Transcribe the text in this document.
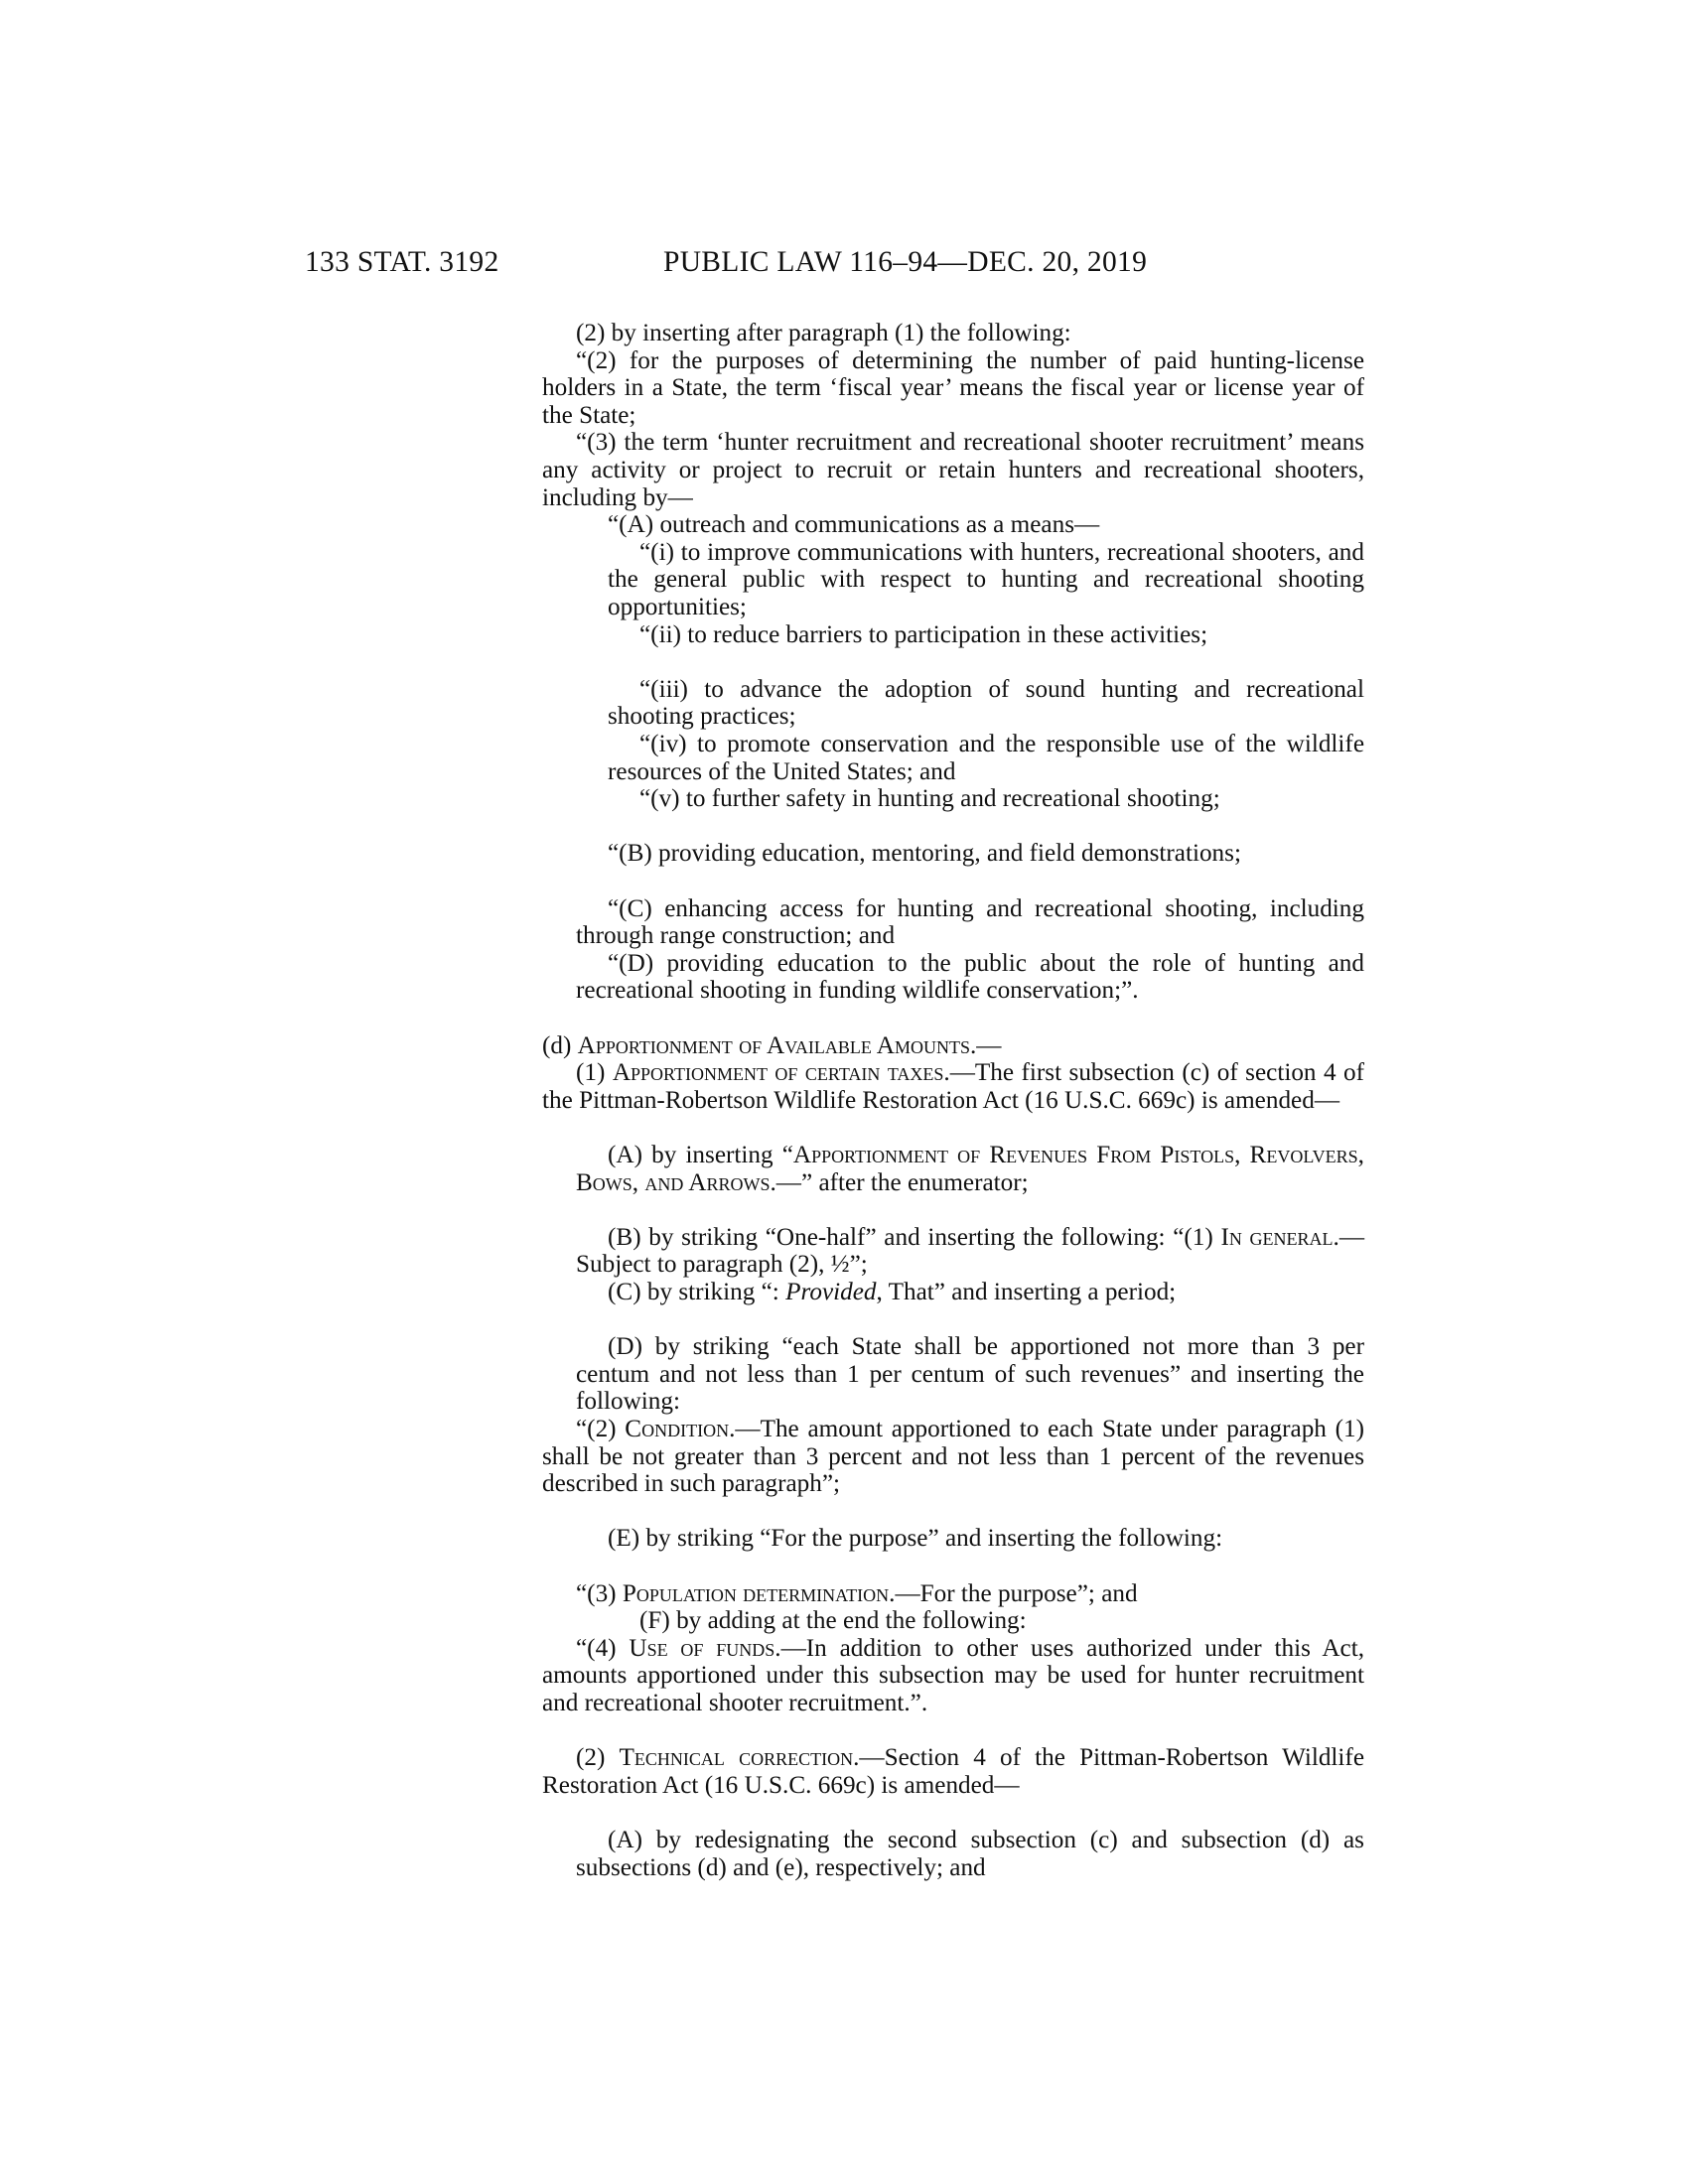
133 STAT. 3192	PUBLIC LAW 116–94—DEC. 20, 2019

(2) by inserting after paragraph (1) the following:

“(2) for the purposes of determining the number of paid hunting-license holders in a State, the term ‘fiscal year’ means the fiscal year or license year of the State;

“(3) the term ‘hunter recruitment and recreational shooter recruitment’ means any activity or project to recruit or retain hunters and recreational shooters, including by—

“(A) outreach and communications as a means—

“(i) to improve communications with hunters, recreational shooters, and the general public with respect to hunting and recreational shooting opportunities;

“(ii) to reduce barriers to participation in these activities;

“(iii) to advance the adoption of sound hunting and recreational shooting practices;

“(iv) to promote conservation and the responsible use of the wildlife resources of the United States; and

“(v) to further safety in hunting and recreational shooting;

“(B) providing education, mentoring, and field demonstrations;

“(C) enhancing access for hunting and recreational shooting, including through range construction; and

“(D) providing education to the public about the role of hunting and recreational shooting in funding wildlife conservation;”.

(d) Apportionment of Available Amounts.—

(1) Apportionment of certain taxes.—The first subsection (c) of section 4 of the Pittman-Robertson Wildlife Restoration Act (16 U.S.C. 669c) is amended—

(A) by inserting “Apportionment of Revenues From Pistols, Revolvers, Bows, and Arrows.—” after the enumerator;

(B) by striking “One-half” and inserting the following: “(1) In general.—Subject to paragraph (2), ½”;

(C) by striking “: Provided, That” and inserting a period;

(D) by striking “each State shall be apportioned not more than 3 per centum and not less than 1 per centum of such revenues” and inserting the following:

“(2) Condition.—The amount apportioned to each State under paragraph (1) shall be not greater than 3 percent and not less than 1 percent of the revenues described in such paragraph”;

(E) by striking “For the purpose” and inserting the following:

“(3) Population determination.—For the purpose”; and

(F) by adding at the end the following:

“(4) Use of funds.—In addition to other uses authorized under this Act, amounts apportioned under this subsection may be used for hunter recruitment and recreational shooter recruitment.”.

(2) Technical correction.—Section 4 of the Pittman-Robertson Wildlife Restoration Act (16 U.S.C. 669c) is amended—

(A) by redesignating the second subsection (c) and subsection (d) as subsections (d) and (e), respectively; and
